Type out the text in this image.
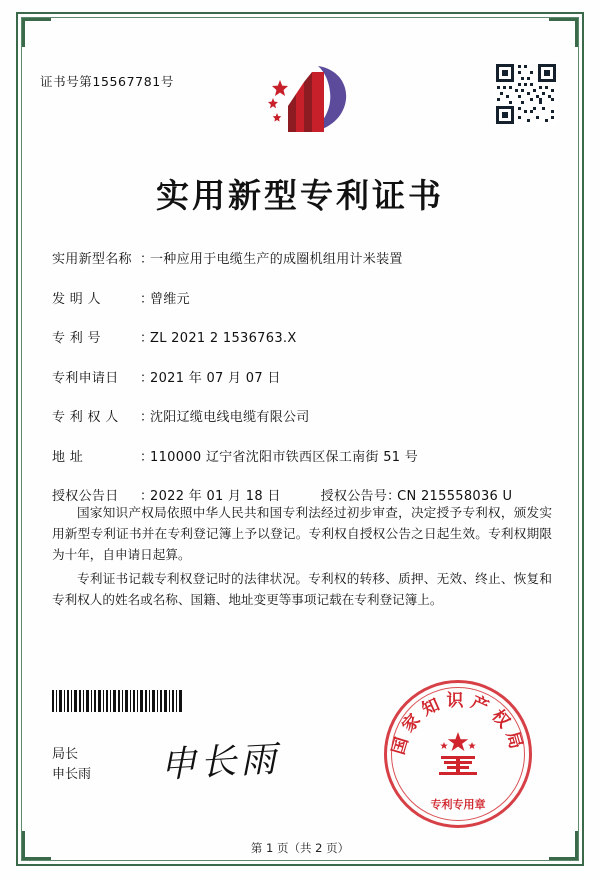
证书号第15567781号
实用新型专利证书
实用新型名称 ：一种应用于电缆生产的成圈机组用计米装置
发 明 人	：曾维元
专 利 号	：ZL 2021 2 1536763.X
专利申请日 ：2021 年 07 月 07 日
专 利 权 人 ：沈阳辽缆电线电缆有限公司
地 址	：110000 辽宁省沈阳市铁西区保工南街 51 号
授权公告日 ：2022 年 01 月 18 日	授权公告号：CN 215558036 U

国家知识产权局依照中华人民共和国专利法经过初步审查，决定授予专利权，颁发实用新型专利证书并在专利登记簿上予以登记。专利权自授权公告之日起生效。专利权期限为十年，自申请日起算。

专利证书记载专利权登记时的法律状况。专利权的转移、质押、无效、终止、恢复和专利权人的姓名或名称、国籍、地址变更等事项记载在专利登记簿上。

局长
申长雨 申长雨	国家知识产权局
专利专用章
第 1 页（共 2 页）
